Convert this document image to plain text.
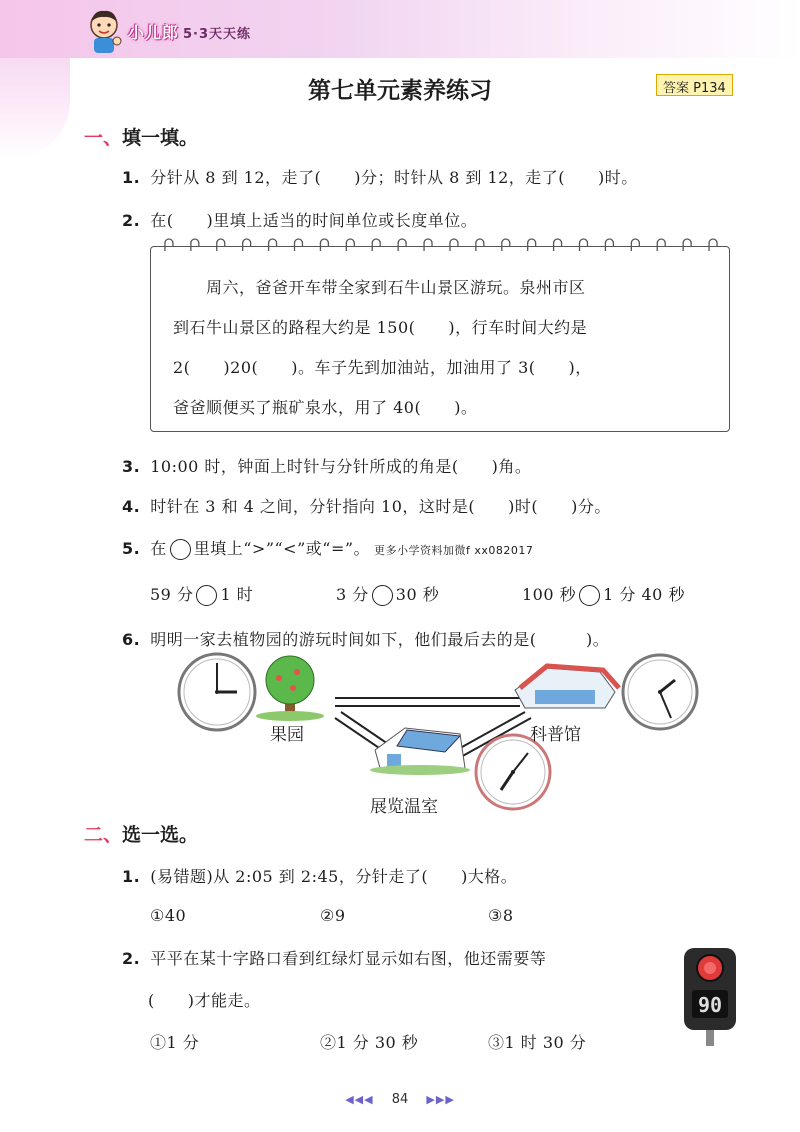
小儿郎 5·3天天练
第七单元素养练习	答案 P134
一、填一填。
1. 分针从 8 到 12，走了(　　)分；时针从 8 到 12，走了(　　)时。
2. 在(　　)里填上适当的时间单位或长度单位。
　　周六，爸爸开车带全家到石牛山景区游玩。泉州市区
到石牛山景区的路程大约是 150(　　)，行车时间大约是
2(　　)20(　　)。车子先到加油站，加油用了 3(　　)，
爸爸顺便买了瓶矿泉水，用了 40(　　)。
3. 10:00 时，钟面上时针与分针所成的角是(　　)角。
4. 时针在 3 和 4 之间，分针指向 10，这时是(　　)时(　　)分。
5. 在 里填上“>”“<”或“=”。 更多小学资料加微f xx082017
59 分 1 时	3 分 30 秒	100 秒 1 分 40 秒
6. 明明一家去植物园的游玩时间如下，他们最后去的是(　　　)。
果园	科普馆
展览温室
二、选一选。
1. (易错题)从 2:05 到 2:45，分针走了(　　)大格。
①40	②9	③8
2. 平平在某十字路口看到红绿灯显示如右图，他还需要等
(　　)才能走。
①1 分	②1 分 30 秒	③1 时 30 分
90
◀◀◀ 84 ▶▶▶
